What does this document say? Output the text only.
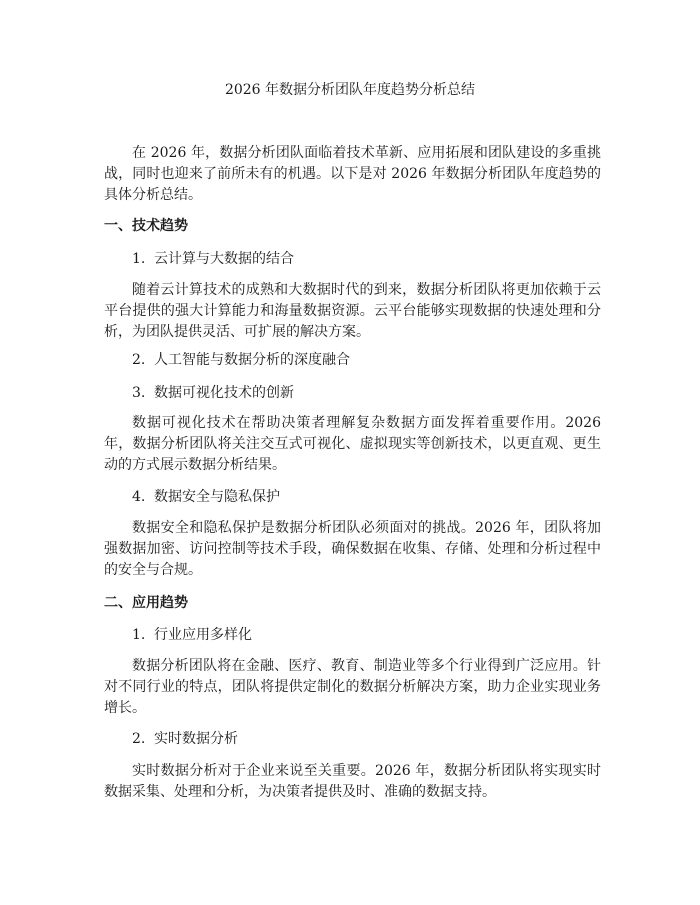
2026 年数据分析团队年度趋势分析总结

在 2026 年，数据分析团队面临着技术革新、应用拓展和团队建设的多重挑战，同时也迎来了前所未有的机遇。以下是对 2026 年数据分析团队年度趋势的具体分析总结。

一、技术趋势
1. 云计算与大数据的结合

随着云计算技术的成熟和大数据时代的到来，数据分析团队将更加依赖于云平台提供的强大计算能力和海量数据资源。云平台能够实现数据的快速处理和分析，为团队提供灵活、可扩展的解决方案。

2. 人工智能与数据分析的深度融合
3. 数据可视化技术的创新

数据可视化技术在帮助决策者理解复杂数据方面发挥着重要作用。2026 年，数据分析团队将关注交互式可视化、虚拟现实等创新技术，以更直观、更生动的方式展示数据分析结果。

4. 数据安全与隐私保护

数据安全和隐私保护是数据分析团队必须面对的挑战。2026 年，团队将加强数据加密、访问控制等技术手段，确保数据在收集、存储、处理和分析过程中的安全与合规。

二、应用趋势
1. 行业应用多样化

数据分析团队将在金融、医疗、教育、制造业等多个行业得到广泛应用。针对不同行业的特点，团队将提供定制化的数据分析解决方案，助力企业实现业务增长。

2. 实时数据分析

实时数据分析对于企业来说至关重要。2026 年，数据分析团队将实现实时数据采集、处理和分析，为决策者提供及时、准确的数据支持。
